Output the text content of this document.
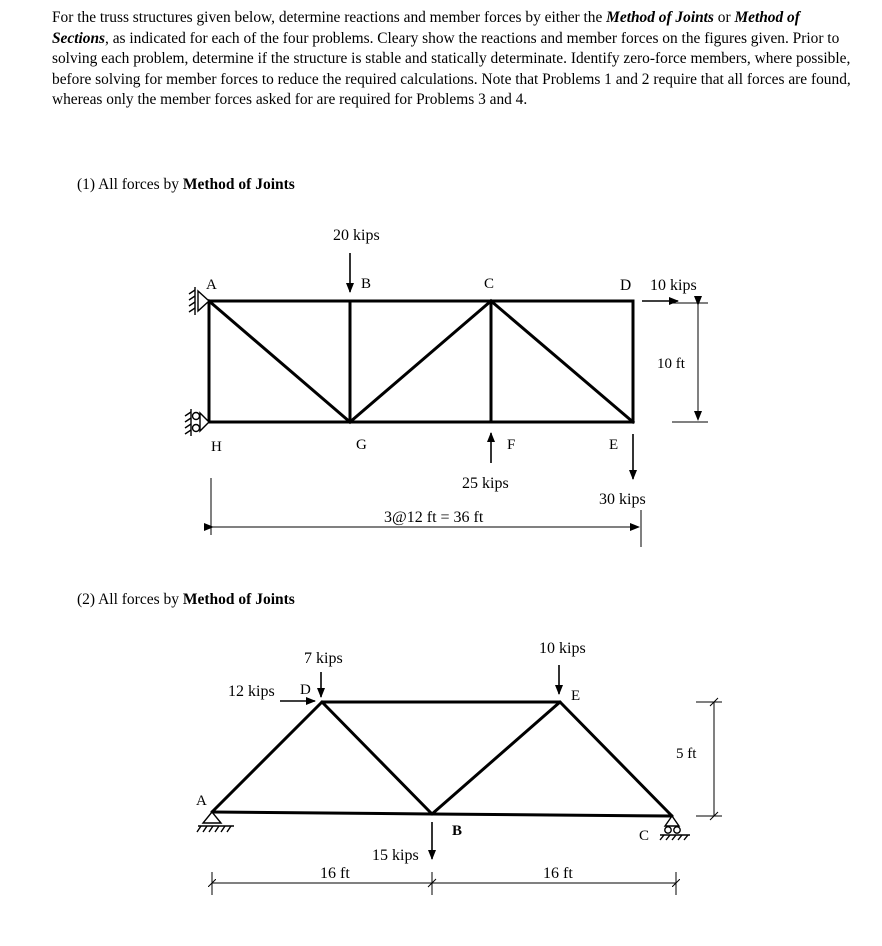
For the truss structures given below, determine reactions and member forces by either the Method of Joints or Method of Sections, as indicated for each of the four problems. Cleary show the reactions and member forces on the figures given. Prior to solving each problem, determine if the structure is stable and statically determinate. Identify zero-force members, where possible, before solving for member forces to reduce the required calculations. Note that Problems 1 and 2 require that all forces are found, whereas only the member forces asked for are required for Problems 3 and 4.
(1) All forces by Method of Joints
(2) All forces by Method of Joints
A	B	C	D
E
F
G
H
20 kips
10 kips
25 kips
30 kips
10 ft
3@12 ft = 36 ft
A
B	C
D	E
7 kips
12 kips
10 kips
15 kips
16 ft	16 ft
5 ft
